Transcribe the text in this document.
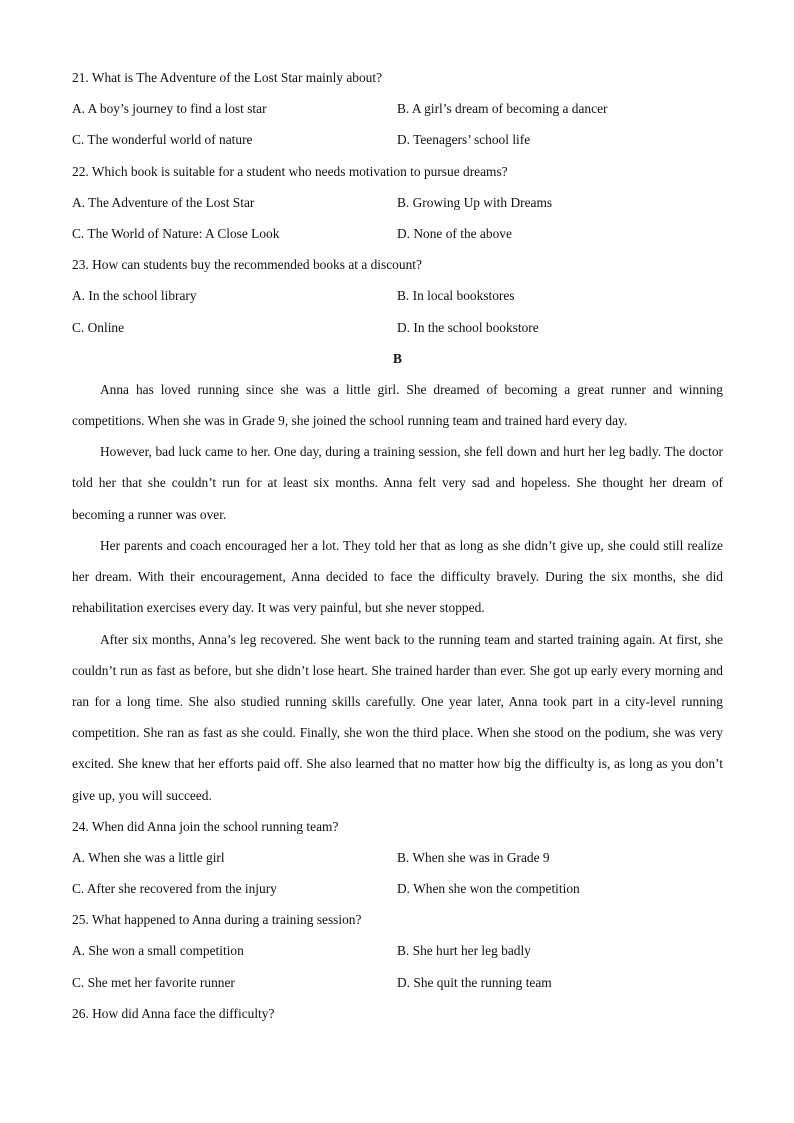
21. What is The Adventure of the Lost Star mainly about?
A. A boy’s journey to find a lost star	B. A girl’s dream of becoming a dancer
C. The wonderful world of nature	D. Teenagers’ school life
22. Which book is suitable for a student who needs motivation to pursue dreams?
A. The Adventure of the Lost Star	B. Growing Up with Dreams
C. The World of Nature: A Close Look	D. None of the above
23. How can students buy the recommended books at a discount?
A. In the school library	B. In local bookstores
C. Online	D. In the school bookstore
B

Anna has loved running since she was a little girl. She dreamed of becoming a great runner and winning competitions. When she was in Grade 9, she joined the school running team and trained hard every day.

However, bad luck came to her. One day, during a training session, she fell down and hurt her leg badly. The doctor told her that she couldn’t run for at least six months. Anna felt very sad and hopeless. She thought her dream of becoming a runner was over.

Her parents and coach encouraged her a lot. They told her that as long as she didn’t give up, she could still realize her dream. With their encouragement, Anna decided to face the difficulty bravely. During the six months, she did rehabilitation exercises every day. It was very painful, but she never stopped.

After six months, Anna’s leg recovered. She went back to the running team and started training again. At first, she couldn’t run as fast as before, but she didn’t lose heart. She trained harder than ever. She got up early every morning and ran for a long time. She also studied running skills carefully. One year later, Anna took part in a city-level running competition. She ran as fast as she could. Finally, she won the third place. When she stood on the podium, she was very excited. She knew that her efforts paid off. She also learned that no matter how big the difficulty is, as long as you don’t give up, you will succeed.

24. When did Anna join the school running team?
A. When she was a little girl	B. When she was in Grade 9
C. After she recovered from the injury	D. When she won the competition
25. What happened to Anna during a training session?
A. She won a small competition	B. She hurt her leg badly
C. She met her favorite runner	D. She quit the running team
26. How did Anna face the difficulty?
